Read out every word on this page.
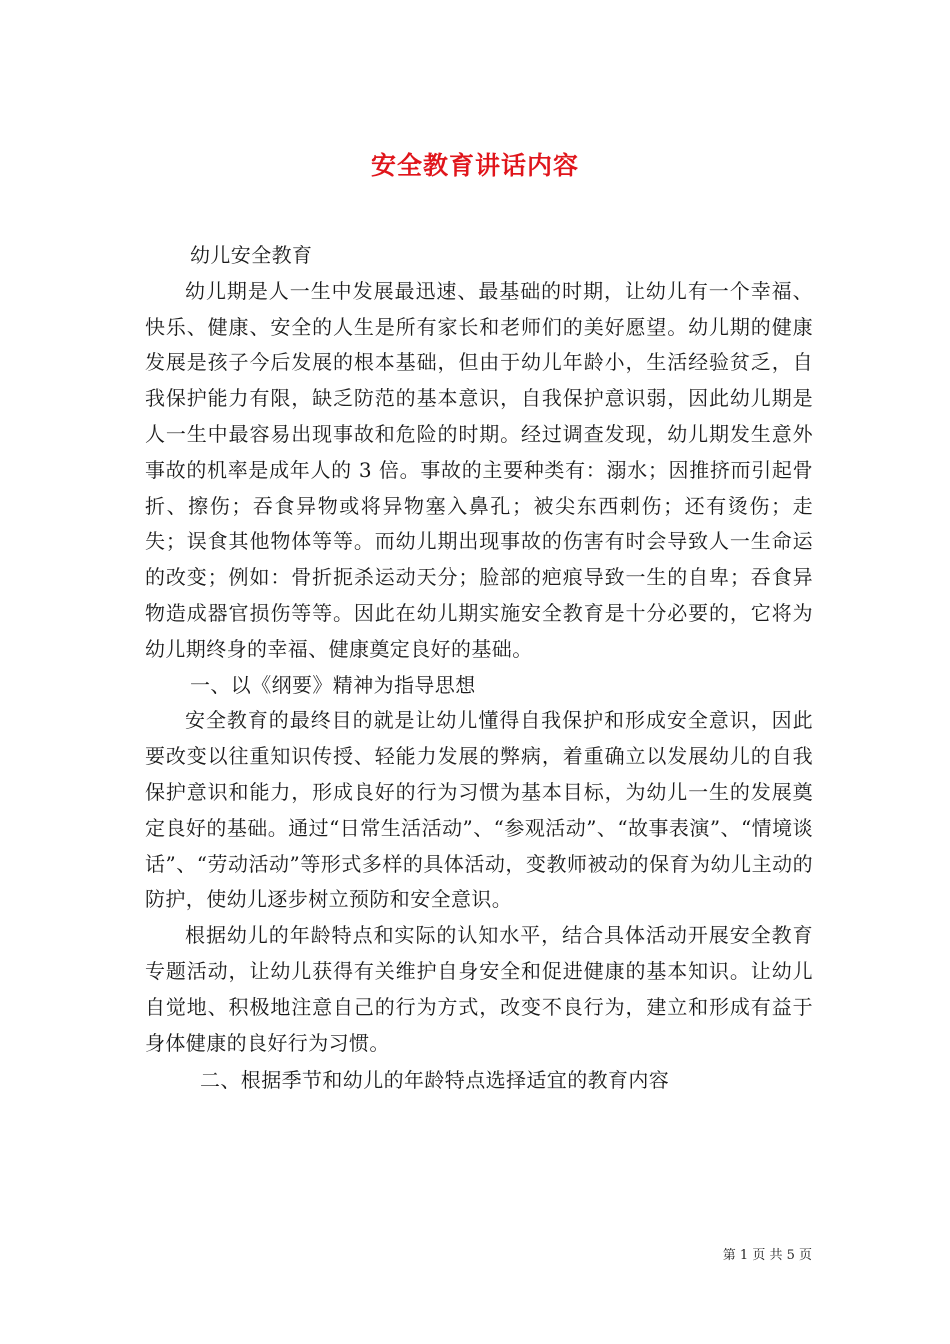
安全教育讲话内容

幼儿安全教育

幼儿期是人一生中发展最迅速、最基础的时期，让幼儿有一个幸福、快乐、健康、安全的人生是所有家长和老师们的美好愿望。幼儿期的健康发展是孩子今后发展的根本基础，但由于幼儿年龄小，生活经验贫乏，自我保护能力有限，缺乏防范的基本意识，自我保护意识弱，因此幼儿期是人一生中最容易出现事故和危险的时期。经过调查发现，幼儿期发生意外事故的机率是成年人的 3 倍。事故的主要种类有：溺水；因推挤而引起骨折、擦伤；吞食异物或将异物塞入鼻孔；被尖东西刺伤；还有烫伤；走失；误食其他物体等等。而幼儿期出现事故的伤害有时会导致人一生命运的改变；例如：骨折扼杀运动天分；脸部的疤痕导致一生的自卑；吞食异物造成器官损伤等等。因此在幼儿期实施安全教育是十分必要的，它将为幼儿期终身的幸福、健康奠定良好的基础。

一、以《纲要》精神为指导思想

安全教育的最终目的就是让幼儿懂得自我保护和形成安全意识，因此要改变以往重知识传授、轻能力发展的弊病，着重确立以发展幼儿的自我保护意识和能力，形成良好的行为习惯为基本目标，为幼儿一生的发展奠定良好的基础。通过“日常生活活动”、“参观活动”、“故事表演”、“情境谈话”、“劳动活动”等形式多样的具体活动，变教师被动的保育为幼儿主动的防护，使幼儿逐步树立预防和安全意识。

根据幼儿的年龄特点和实际的认知水平，结合具体活动开展安全教育专题活动，让幼儿获得有关维护自身安全和促进健康的基本知识。让幼儿自觉地、积极地注意自己的行为方式，改变不良行为，建立和形成有益于身体健康的良好行为习惯。

二、根据季节和幼儿的年龄特点选择适宜的教育内容

第 1 页 共 5 页
